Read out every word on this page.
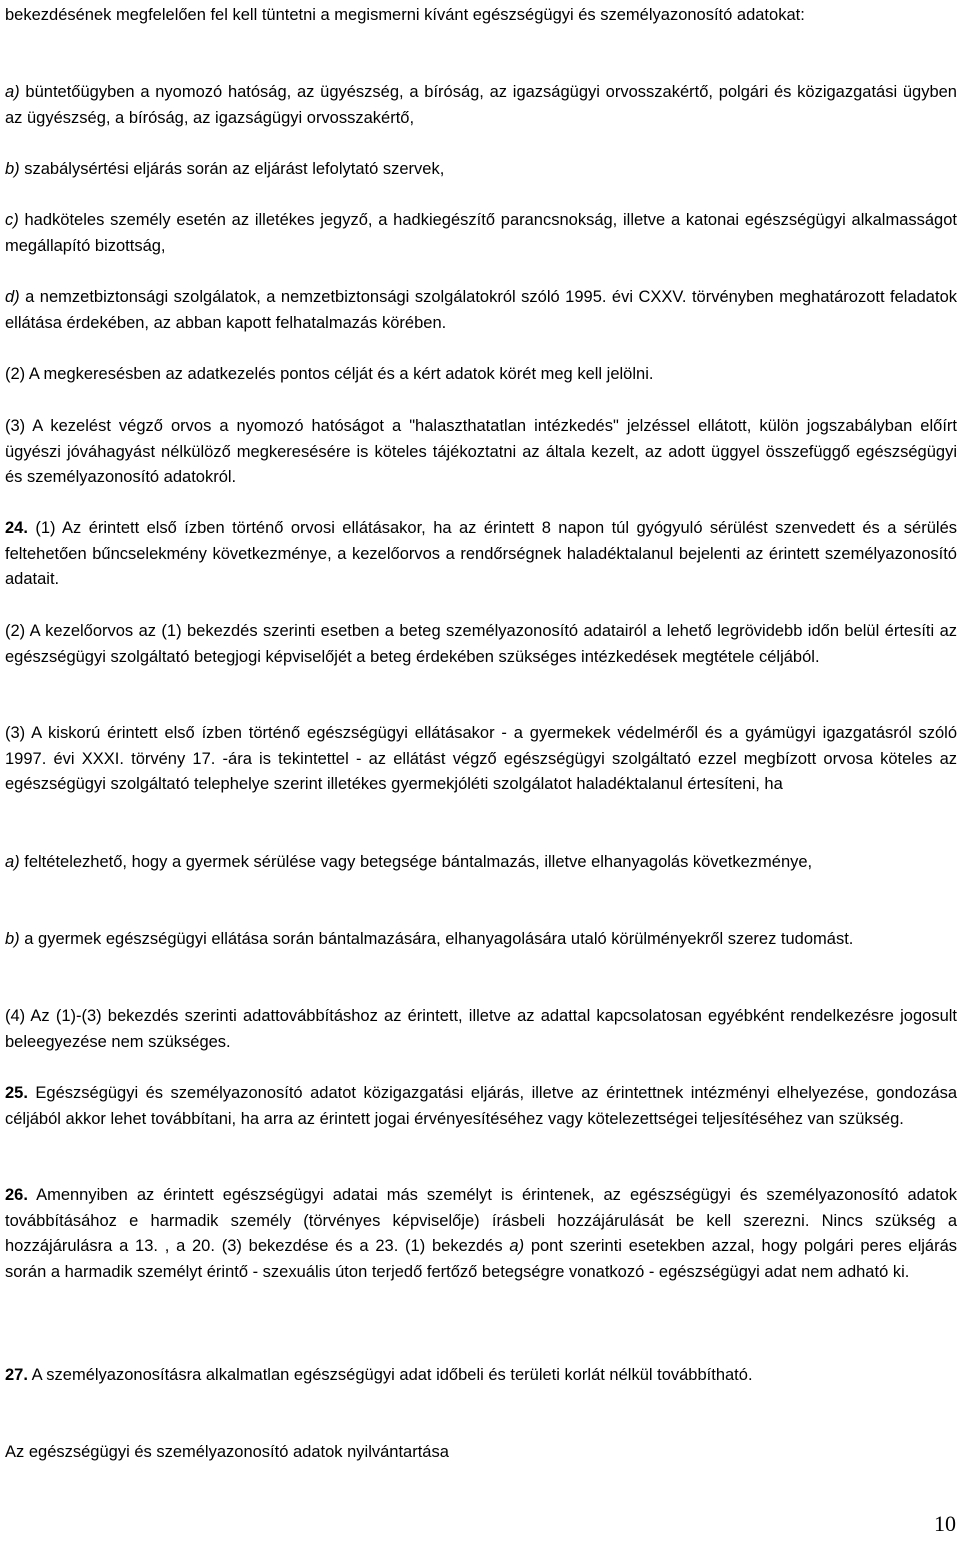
bekezdésének megfelelően fel kell tüntetni a megismerni kívánt egészségügyi és személyazonosító adatokat:

a) büntetőügyben a nyomozó hatóság, az ügyészség, a bíróság, az igazságügyi orvosszakértő, polgári és közigazgatási ügyben az ügyészség, a bíróság, az igazságügyi orvosszakértő,

b) szabálysértési eljárás során az eljárást lefolytató szervek,

c) hadköteles személy esetén az illetékes jegyző, a hadkiegészítő parancsnokság, illetve a katonai egészségügyi alkalmasságot megállapító bizottság,

d) a nemzetbiztonsági szolgálatok, a nemzetbiztonsági szolgálatokról szóló 1995. évi CXXV. törvényben meghatározott feladatok ellátása érdekében, az abban kapott felhatalmazás körében.

(2) A megkeresésben az adatkezelés pontos célját és a kért adatok körét meg kell jelölni.

(3) A kezelést végző orvos a nyomozó hatóságot a "halaszthatatlan intézkedés" jelzéssel ellátott, külön jogszabályban előírt ügyészi jóváhagyást nélkülöző megkeresésére is köteles tájékoztatni az általa kezelt, az adott üggyel összefüggő egészségügyi és személyazonosító adatokról.

24. (1) Az érintett első ízben történő orvosi ellátásakor, ha az érintett 8 napon túl gyógyuló sérülést szenvedett és a sérülés feltehetően bűncselekmény következménye, a kezelőorvos a rendőrségnek haladéktalanul bejelenti az érintett személyazonosító adatait.

(2) A kezelőorvos az (1) bekezdés szerinti esetben a beteg személyazonosító adatairól a lehető legrövidebb időn belül értesíti az egészségügyi szolgáltató betegjogi képviselőjét a beteg érdekében szükséges intézkedések megtétele céljából.

(3) A kiskorú érintett első ízben történő egészségügyi ellátásakor - a gyermekek védelméről és a gyámügyi igazgatásról szóló 1997. évi XXXI. törvény 17. -ára is tekintettel - az ellátást végző egészségügyi szolgáltató ezzel megbízott orvosa köteles az egészségügyi szolgáltató telephelye szerint illetékes gyermekjóléti szolgálatot haladéktalanul értesíteni, ha

a) feltételezhető, hogy a gyermek sérülése vagy betegsége bántalmazás, illetve elhanyagolás következménye,

b) a gyermek egészségügyi ellátása során bántalmazására, elhanyagolására utaló körülményekről szerez tudomást.

(4) Az (1)-(3) bekezdés szerinti adattovábbításhoz az érintett, illetve az adattal kapcsolatosan egyébként rendelkezésre jogosult beleegyezése nem szükséges.

25. Egészségügyi és személyazonosító adatot közigazgatási eljárás, illetve az érintettnek intézményi elhelyezése, gondozása céljából akkor lehet továbbítani, ha arra az érintett jogai érvényesítéséhez vagy kötelezettségei teljesítéséhez van szükség.

26. Amennyiben az érintett egészségügyi adatai más személyt is érintenek, az egészségügyi és személyazonosító adatok továbbításához e harmadik személy (törvényes képviselője) írásbeli hozzájárulását be kell szerezni. Nincs szükség a hozzájárulásra a 13. , a 20. (3) bekezdése és a 23. (1) bekezdés a) pont szerinti esetekben azzal, hogy polgári peres eljárás során a harmadik személyt érintő - szexuális úton terjedő fertőző betegségre vonatkozó - egészségügyi adat nem adható ki.

27. A személyazonosításra alkalmatlan egészségügyi adat időbeli és területi korlát nélkül továbbítható.

Az egészségügyi és személyazonosító adatok nyilvántartása

10
